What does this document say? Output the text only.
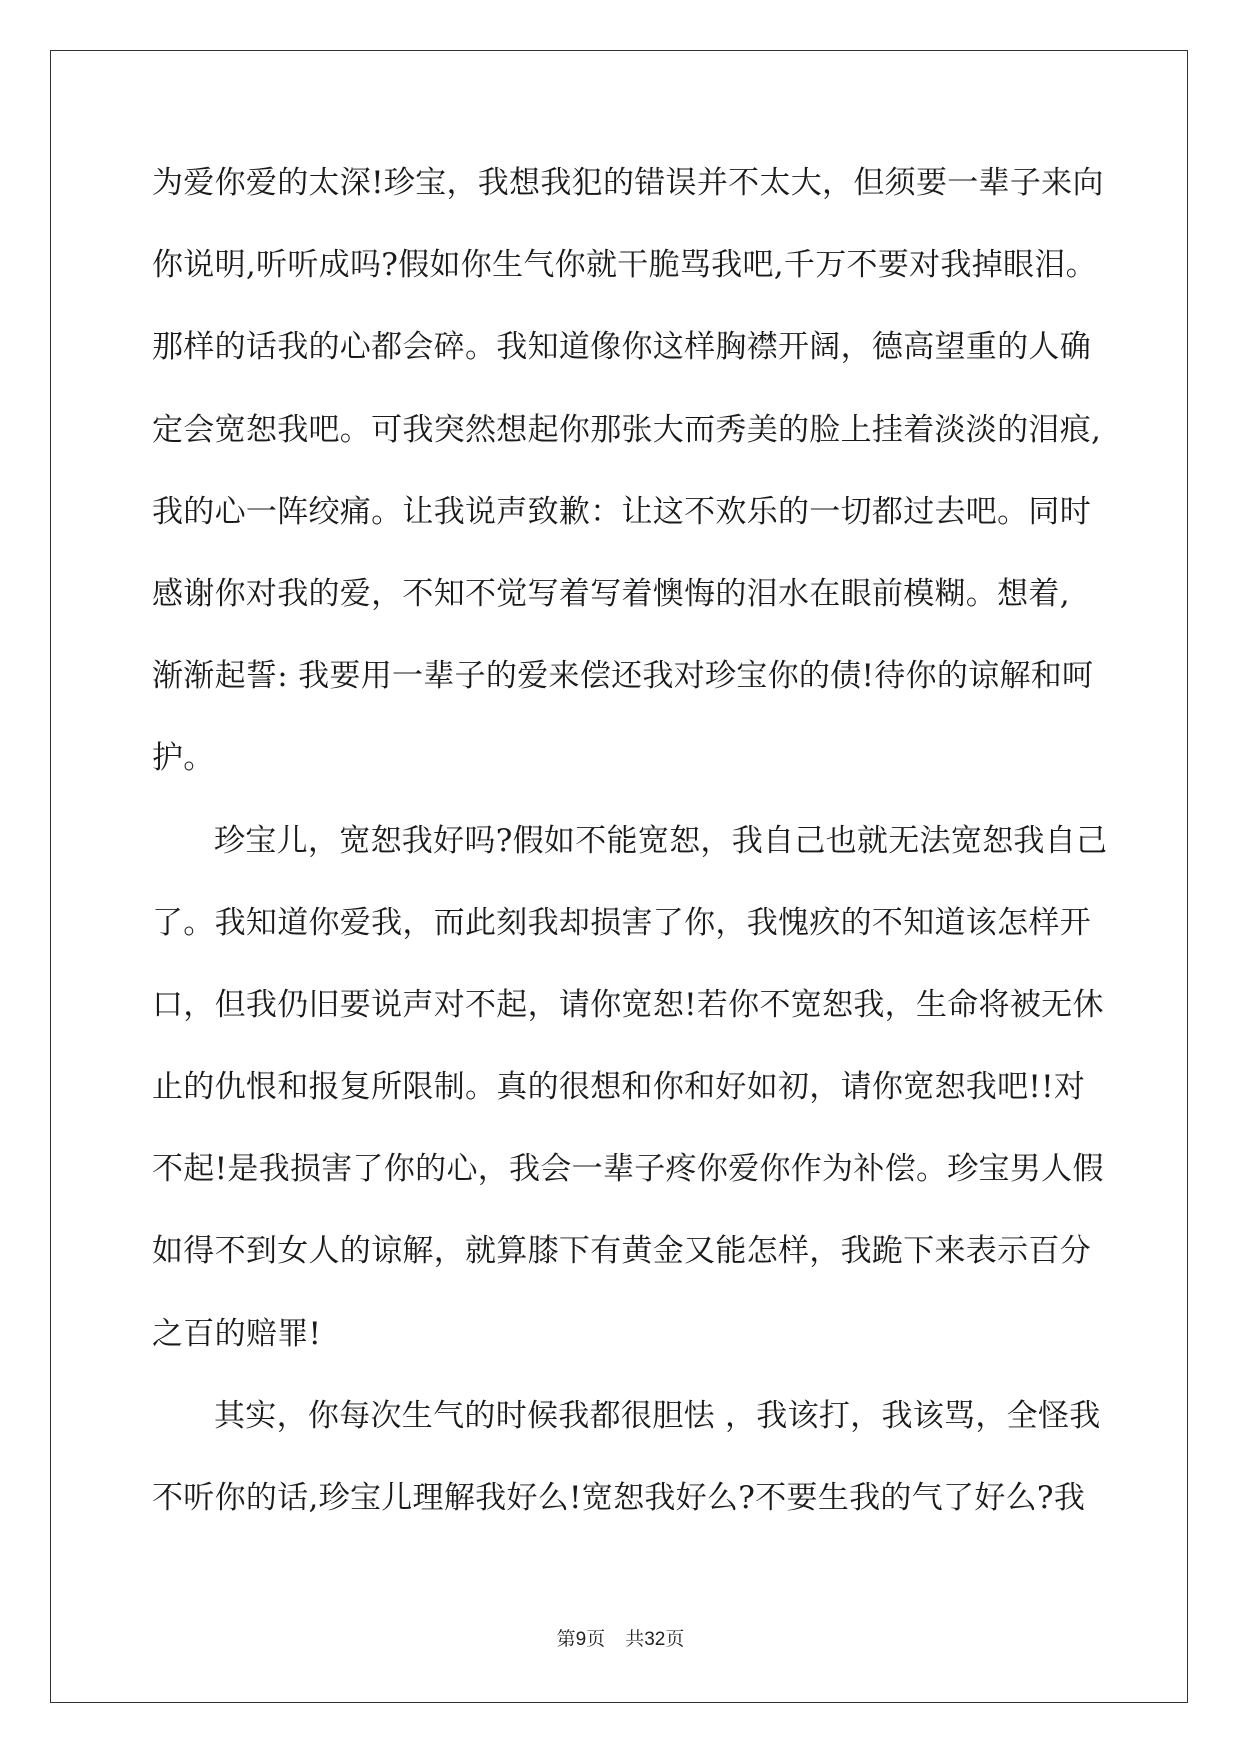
为爱你爱的太深!珍宝，我想我犯的错误并不太大，但须要一辈子来向
你说明,听听成吗?假如你生气你就干脆骂我吧,千万不要对我掉眼泪。
那样的话我的心都会碎。我知道像你这样胸襟开阔，德高望重的人确
定会宽恕我吧。可我突然想起你那张大而秀美的脸上挂着淡淡的泪痕,
我的心一阵绞痛。让我说声致歉：让这不欢乐的一切都过去吧。同时
感谢你对我的爱，不知不觉写着写着懊悔的泪水在眼前模糊。想着,
渐渐起誓: 我要用一辈子的爱来偿还我对珍宝你的债!待你的谅解和呵
护。
珍宝儿，宽恕我好吗?假如不能宽恕，我自己也就无法宽恕我自己
了。我知道你爱我，而此刻我却损害了你，我愧疚的不知道该怎样开
口，但我仍旧要说声对不起，请你宽恕!若你不宽恕我，生命将被无休
止的仇恨和报复所限制。真的很想和你和好如初，请你宽恕我吧!!对
不起!是我损害了你的心，我会一辈子疼你爱你作为补偿。珍宝男人假
如得不到女人的谅解，就算膝下有黄金又能怎样，我跪下来表示百分
之百的赔罪!
其实，你每次生气的时候我都很胆怯 ，我该打，我该骂，全怪我
不听你的话,珍宝儿理解我好么!宽恕我好么?不要生我的气了好么?我
第9页 共32页
